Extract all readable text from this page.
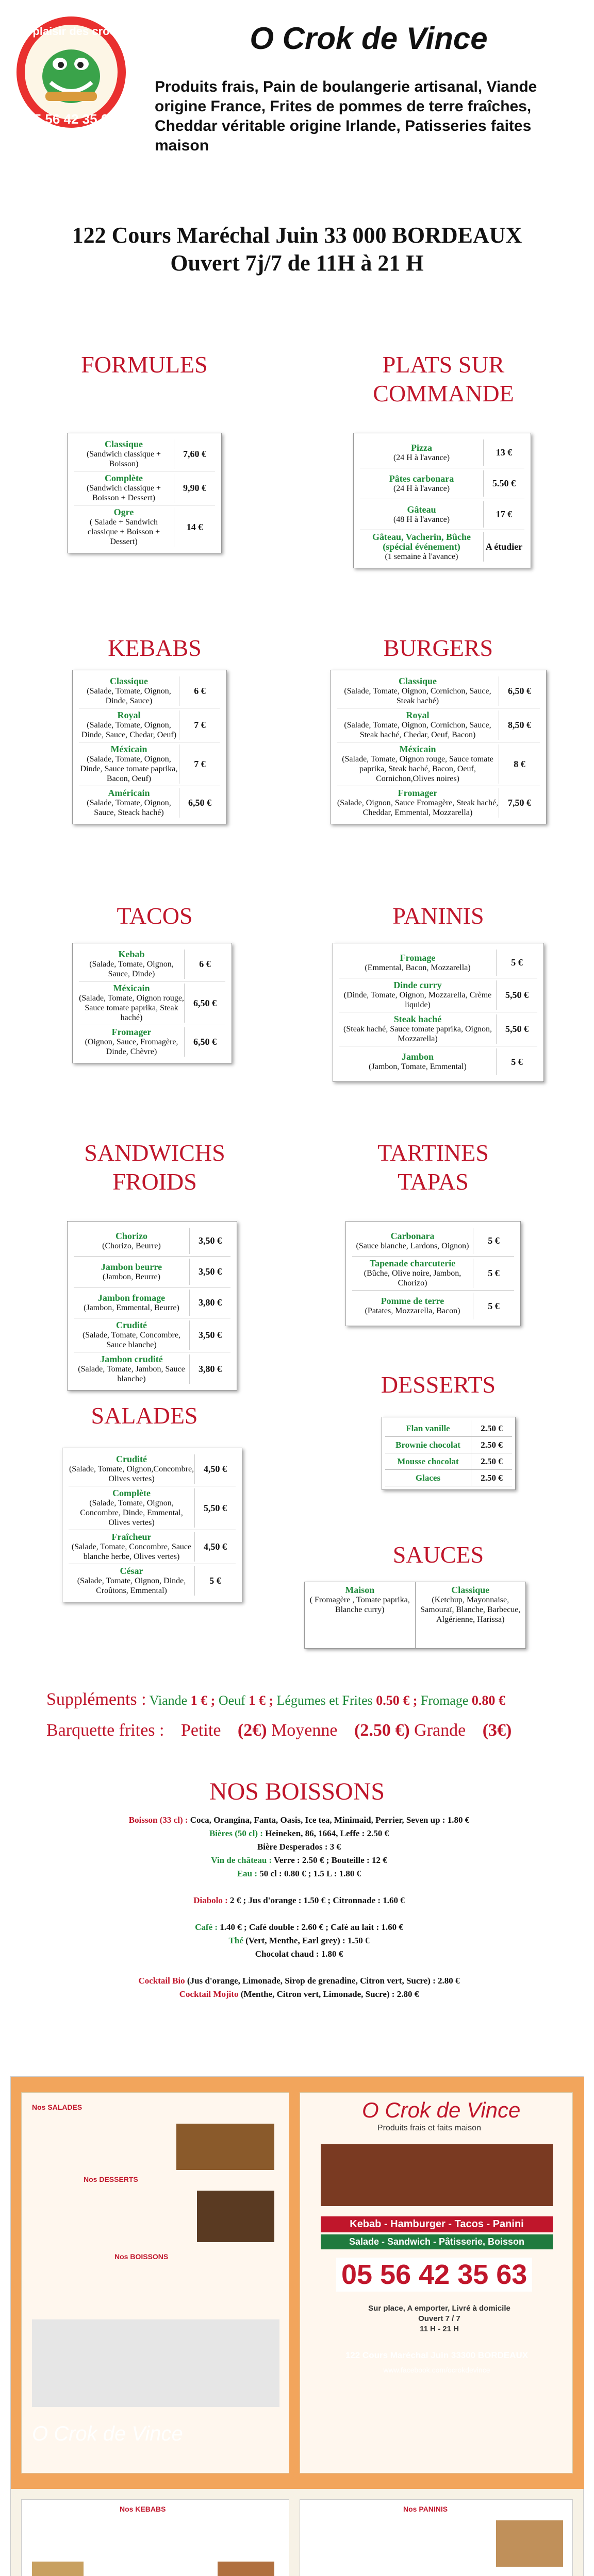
le plaisir des crocs
05 56 42 35 63
O Crok de Vince
Produits frais, Pain de boulangerie artisanal, Viande origine France, Frites de pommes de terre fraîches, Cheddar véritable origine Irlande, Patisseries faites maison
122 Cours Maréchal Juin 33 000 BORDEAUX
Ouvert 7j/7 de 11H à 21 H
FORMULES
Classique
(Sandwich classique + Boisson)
7,60 €
Complète
(Sandwich classique + Boisson + Dessert)
9,90 €
Ogre
( Salade + Sandwich classique + Boisson + Dessert)
14 €
PLATS SUR COMMANDE
Pizza
(24 H à l'avance)	13 €
Pâtes carbonara
(24 H à l'avance)	5.50 €
Gâteau
(48 H à l'avance)	17 €
Gâteau, Vacherin, Bûche (spécial événement)
(1 semaine à l'avance)
A étudier
KEBABS
Classique
(Salade, Tomate, Oignon, Dinde, Sauce)
6 €
Royal
(Salade, Tomate, Oignon, Dinde, Sauce, Chedar, Oeuf)
7 €
Méxicain
(Salade, Tomate, Oignon, Dinde, Sauce tomate paprika, Bacon, Oeuf)
7 €
Américain
(Salade, Tomate, Oignon, Sauce, Steack haché)
6,50 €
BURGERS
Classique
(Salade, Tomate, Oignon, Cornichon, Sauce, Steak haché)
6,50 €
Royal
(Salade, Tomate, Oignon, Cornichon, Sauce, Steak haché, Chedar, Oeuf, Bacon)
8,50 €
Méxicain
(Salade, Tomate, Oignon rouge, Sauce tomate paprika, Steak haché, Bacon, Oeuf, Cornichon,Olives noires)
8 €
Fromager
(Salade, Oignon, Sauce Fromagère, Steak haché, Cheddar, Emmental, Mozzarella)
7,50 €
TACOS
Kebab
(Salade, Tomate, Oignon, Sauce, Dinde)
6 €
Méxicain
(Salade, Tomate, Oignon rouge, Sauce tomate paprika, Steak haché)
6,50 €
Fromager
(Oignon, Sauce, Fromagère, Dinde, Chèvre)
6,50 €
PANINIS
Fromage
(Emmental, Bacon, Mozzarella)	5 €
Dinde curry
(Dinde, Tomate, Oignon, Mozzarella, Crème liquide)
5,50 €
Steak haché
(Steak haché, Sauce tomate paprika, Oignon, Mozzarella)
5,50 €
Jambon
(Jambon, Tomate, Emmental)	5 €
SANDWICHS FROIDS
Chorizo
(Chorizo, Beurre)	3,50 €
Jambon beurre
(Jambon, Beurre)	3,50 €
Jambon fromage
(Jambon, Emmental, Beurre)	3,80 €
Crudité
(Salade, Tomate, Concombre, Sauce blanche)
3,50 €
Jambon crudité
(Salade, Tomate, Jambon, Sauce blanche)
3,80 €
TARTINES TAPAS
Carbonara
(Sauce blanche, Lardons, Oignon)	5 €
Tapenade charcuterie
(Bûche, Olive noire, Jambon, Chorizo)
5 €
Pomme de terre
(Patates, Mozzarella, Bacon)	5 €
DESSERTS
Flan vanille	2.50 €
Brownie chocolat	2.50 €
Mousse chocolat	2.50 €
Glaces	2.50 €
SALADES
Crudité
(Salade, Tomate, Oignon,Concombre, Olives vertes)
4,50 €
Complète
(Salade, Tomate, Oignon, Concombre, Dinde, Emmental, Olives vertes)
5,50 €
Fraîcheur
(Salade, Tomate, Concombre, Sauce blanche herbe, Olives vertes)
4,50 €
César
(Salade, Tomate, Oignon, Dinde, Croûtons, Emmental)
5 €
SAUCES
Maison
( Fromagère , Tomate paprika, Blanche curry)
Classique
(Ketchup, Mayonnaise, Samouraï, Blanche, Barbecue, Algérienne, Harissa)
Suppléments : Viande 1 € ; Oeuf 1 € ; Légumes et Frites 0.50 € ; Fromage 0.80 €
Barquette frites : Petite (2€) Moyenne (2.50 €) Grande (3€)
NOS BOISSONS
Boisson (33 cl) : Coca, Orangina, Fanta, Oasis, Ice tea, Minimaid, Perrier, Seven up : 1.80 €
Bières (50 cl) : Heineken, 86, 1664, Leffe : 2.50 €
Bière Desperados : 3 €
Vin de château : Verre : 2.50 € ; Bouteille : 12 €
Eau : 50 cl : 0.80 € ; 1.5 L : 1.80 €
Diabolo : 2 € ; Jus d'orange : 1.50 € ; Citronnade : 1.60 €
Café : 1.40 € ; Café double : 2.60 € ; Café au lait : 1.60 €
Thé (Vert, Menthe, Earl grey) : 1.50 €
Chocolat chaud : 1.80 €
Cocktail Bio (Jus d'orange, Limonade, Sirop de grenadine, Citron vert, Sucre) : 2.80 €
Cocktail Mojito (Menthe, Citron vert, Limonade, Sucre) : 2.80 €
Nos SALADES
Nos DESSERTS
Nos BOISSONS
O Crok de Vince
O Crok de Vince
Produits frais et faits maison
Kebab - Hamburger - Tacos - Panini
Salade - Sandwich - Pâtisserie, Boisson
05 56 42 35 63
Sur place, A emporter, Livré à domicile
Ouvert 7 / 7
11 H - 21 H
122 Cours Maréchal Juin 33300 BORDEAUX
www.facebook.com/ocrokdevince
Nos KEBABS	Nos PANINIS
